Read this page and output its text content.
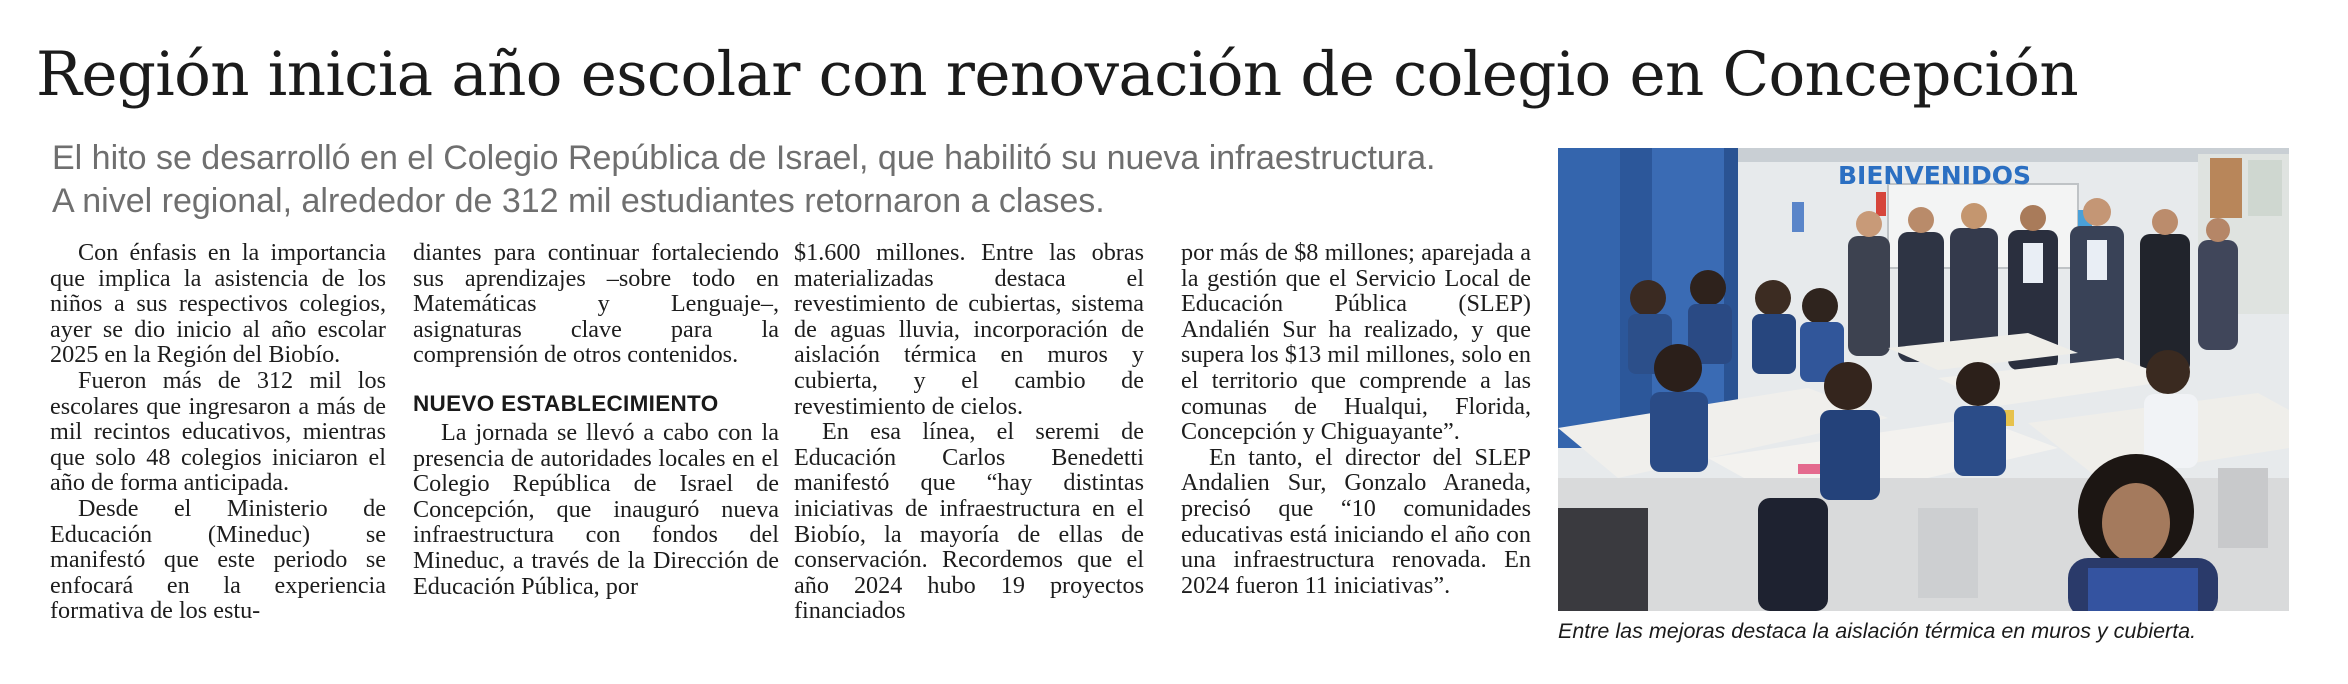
Región inicia año escolar con renovación de colegio en Concepción
El hito se desarrolló en el Colegio República de Israel, que habilitó su nueva infraestructura.
A nivel regional, alrededor de 312 mil estudiantes retornaron a clases.

Con énfasis en la importancia que implica la asistencia de los niños a sus respectivos colegios, ayer se dio inicio al año escolar 2025 en la Región del Biobío.

Fueron más de 312 mil los escolares que ingresaron a más de mil recintos educativos, mientras que solo 48 colegios iniciaron el año de forma anticipada.

Desde el Ministerio de Educación (Mineduc) se manifestó que este periodo se enfocará en la experiencia formativa de los estu-

diantes para continuar fortaleciendo sus aprendizajes –sobre todo en Matemáticas y Lenguaje–, asignaturas clave para la comprensión de otros contenidos.

NUEVO ESTABLECIMIENTO

La jornada se llevó a cabo con la presencia de autoridades locales en el Colegio República de Israel de Concepción, que inauguró nueva infraestructura con fondos del Mineduc, a través de la Dirección de Educación Pública, por

$1.600 millones. Entre las obras materializadas destaca el revestimiento de cubiertas, sistema de aguas lluvia, incorporación de aislación térmica en muros y cubierta, y el cambio de revestimiento de cielos.

En esa línea, el seremi de Educación Carlos Benedetti manifestó que “hay distintas iniciativas de infraestructura en el Biobío, la mayoría de ellas de conservación. Recordemos que el año 2024 hubo 19 proyectos financiados

por más de $8 millones; aparejada a la gestión que el Servicio Local de Educación Pública (SLEP) Andalién Sur ha realizado, y que supera los $13 mil millones, solo en el territorio que comprende a las comunas de Hualqui, Florida, Concepción y Chiguayante”.

En tanto, el director del SLEP Andalien Sur, Gonzalo Araneda, precisó que “10 comunidades educativas está iniciando el año con una infraestructura renovada. En 2024 fueron 11 iniciativas”.

BIENVENIDOS
Entre las mejoras destaca la aislación térmica en muros y cubierta.
